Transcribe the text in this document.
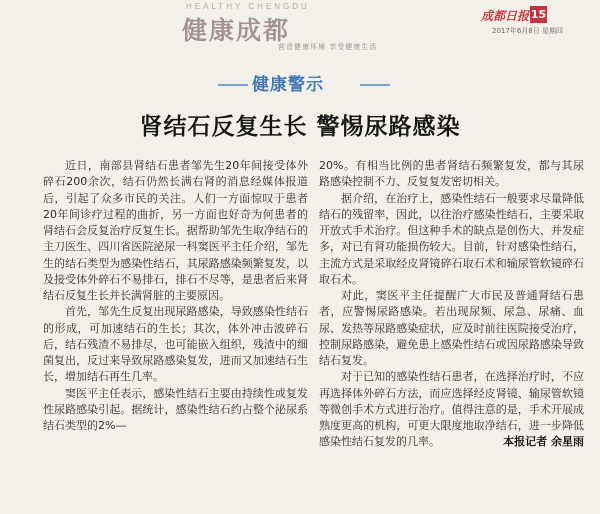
HEALTHY CHENGDU
健康成都
营造健康环境 享受健康生活
成都日报 15
2017年6月8日 星期四
健康警示
肾结石反复生长 警惕尿路感染

近日，南部县肾结石患者邹先生20年间接受体外碎石200余次，结石仍然长满右肾的消息经媒体报道后，引起了众多市民的关注。人们一方面惊叹于患者20年间诊疗过程的曲折，另一方面也好奇为何患者的肾结石会反复治疗反复生长。据帮助邹先生取净结石的主刀医生、四川省医院泌尿一科窦医平主任介绍，邹先生的结石类型为感染性结石，其尿路感染频繁复发，以及接受体外碎石不易排石，排石不尽等，是患者后来肾结石反复生长并长满肾脏的主要原因。

首先，邹先生反复出现尿路感染，导致感染性结石的形成，可加速结石的生长；其次，体外冲击波碎石后，结石残渣不易排尽，也可能嵌入组织，残渣中的细菌复出，反过来导致尿路感染复发，进而又加速结石生长，增加结石再生几率。

窦医平主任表示，感染性结石主要由持续性或复发性尿路感染引起。据统计，感染性结石约占整个泌尿系结石类型的2%—

20%。有相当比例的患者肾结石频繁复发，都与其尿路感染控制不力、反复复发密切相关。

据介绍，在治疗上，感染性结石一般要求尽量降低结石的残留率，因此，以往治疗感染性结石，主要采取开放式手术治疗。但这种手术的缺点是创伤大、并发症多，对已有肾功能损伤较大。目前，针对感染性结石，主流方式是采取经皮肾镜碎石取石术和输尿管软镜碎石取石术。

对此，窦医平主任提醒广大市民及普通肾结石患者，应警惕尿路感染。若出现尿频、尿急、尿痛、血尿、发热等尿路感染症状，应及时前往医院接受治疗，控制尿路感染，避免患上感染性结石或因尿路感染导致结石复发。

对于已知的感染性结石患者，在选择治疗时，不应再选择体外碎石方法，而应选择经皮肾镜、输尿管软镜等微创手术方式进行治疗。值得注意的是，手术开展成熟度更高的机构，可更大限度地取净结石，进一步降低感染性结石复发的几率。	本报记者 余星雨
